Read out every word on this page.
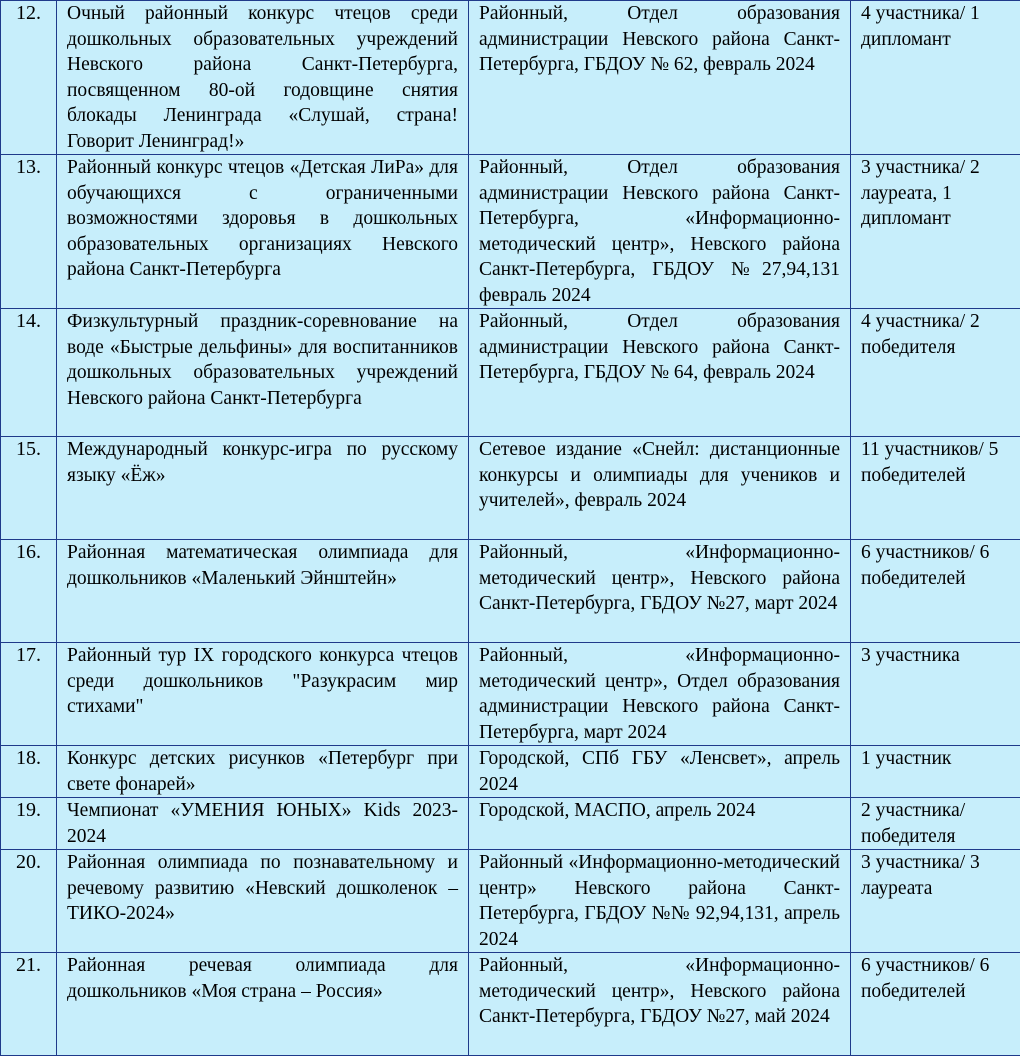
12.	Очный районный конкурс чтецов среди дошкольных образовательных учреждений Невского района Санкт-Петербурга, посвященном 80-ой годовщине снятия блокады Ленинграда «Слушай, страна! Говорит Ленинград!»	Районный, Отдел образования администрации Невского района Санкт-Петербурга, ГБДОУ № 62, февраль 2024	4 участника/ 1 дипломант
13.	Районный конкурс чтецов «Детская ЛиРа» для обучающихся с ограниченными возможностями здоровья в дошкольных образовательных организациях Невского района Санкт-Петербурга	Районный, Отдел образования администрации Невского района Санкт-Петербурга, «Информационно-методический центр», Невского района Санкт-Петербурга, ГБДОУ №27,94,131 февраль 2024	3 участника/ 2 лауреата, 1 дипломант
14.	Физкультурный праздник-соревнование на воде «Быстрые дельфины» для воспитанников дошкольных образовательных учреждений Невского района Санкт-Петербурга	Районный, Отдел образования администрации Невского района Санкт-Петербурга, ГБДОУ № 64, февраль 2024	4 участника/ 2 победителя
15.	Международный конкурс-игра по русскому языку «Ёж»	Сетевое издание «Снейл: дистанционные конкурсы и олимпиады для учеников и учителей», февраль 2024	11 участников/ 5 победителей
16.	Районная математическая олимпиада для дошкольников «Маленький Эйнштейн»	Районный, «Информационно-методический центр», Невского района Санкт-Петербурга, ГБДОУ №27, март 2024	6 участников/ 6 победителей
17.	Районный тур IX городского конкурса чтецов среди дошкольников "Разукрасим мир стихами"	Районный, «Информационно-методический центр», Отдел образования администрации Невского района Санкт-Петербурга, март 2024	3 участника
18.	Конкурс детских рисунков «Петербург при свете фонарей»	Городской, СПб ГБУ «Ленсвет», апрель 2024	1 участник
19.	Чемпионат «УМЕНИЯ ЮНЫХ» Kids 2023-2024	Городской, МАСПО, апрель 2024	2 участника/ победителя
20.	Районная олимпиада по познавательному и речевому развитию «Невский дошколенок – ТИКО-2024»	Районный «Информационно-методический центр» Невского района Санкт-Петербурга, ГБДОУ №№ 92,94,131, апрель 2024	3 участника/ 3 лауреата
21.	Районная речевая олимпиада для дошкольников «Моя страна – Россия»	Районный, «Информационно-методический центр», Невского района Санкт-Петербурга, ГБДОУ №27, май 2024	6 участников/ 6 победителей
